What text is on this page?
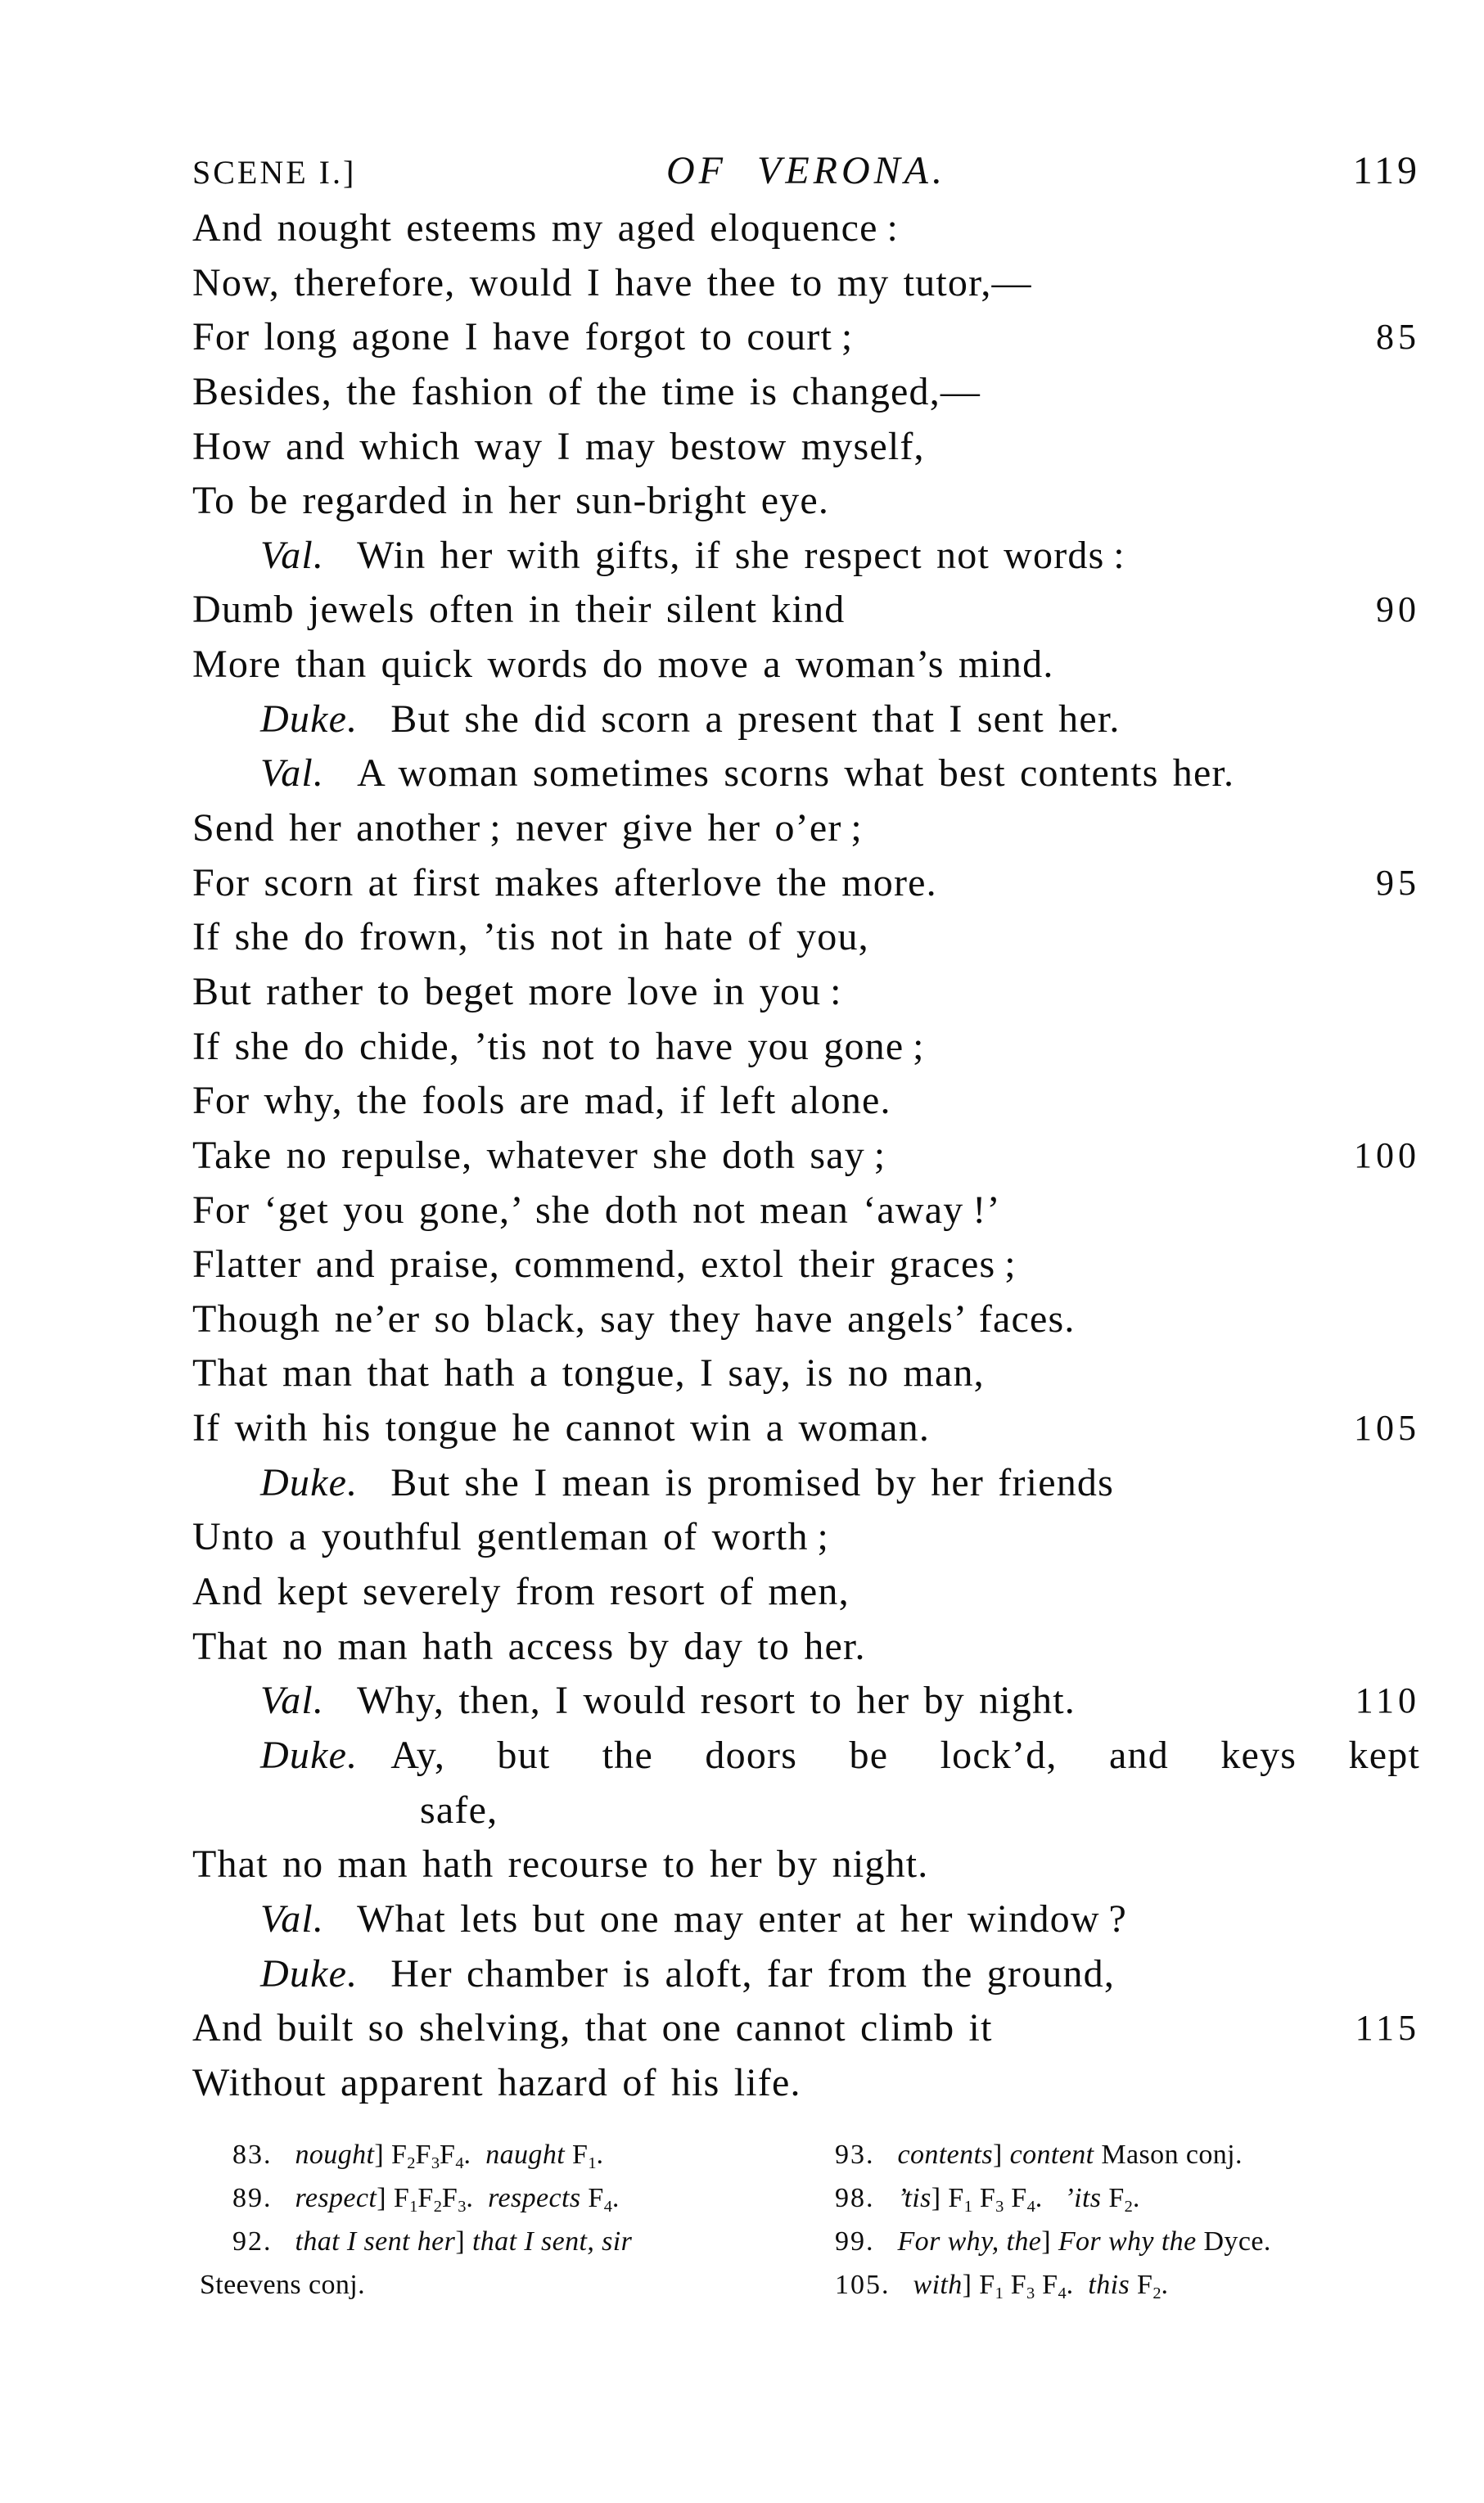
SCENE I.]	OF VERONA.	119
And nought esteems my aged eloquence :
Now, therefore, would I have thee to my tutor,—
For long agone I have forgot to court ;	85
Besides, the fashion of the time is changed,—
How and which way I may bestow myself,
To be regarded in her sun-bright eye.
Val. Win her with gifts, if she respect not words :
Dumb jewels often in their silent kind	90
More than quick words do move a woman’s mind.
Duke. But she did scorn a present that I sent her.
Val. A woman sometimes scorns what best contents her.
Send her another ; never give her o’er ;
For scorn at first makes afterlove the more.	95
If she do frown, ’tis not in hate of you,
But rather to beget more love in you :
If she do chide, ’tis not to have you gone ;
For why, the fools are mad, if left alone.
Take no repulse, whatever she doth say ;	100
For ‘get you gone,’ she doth not mean ‘away !’
Flatter and praise, commend, extol their graces ;
Though ne’er so black, say they have angels’ faces.
That man that hath a tongue, I say, is no man,
If with his tongue he cannot win a woman.	105
Duke. But she I mean is promised by her friends
Unto a youthful gentleman of worth ;
And kept severely from resort of men,
That no man hath access by day to her.
Val. Why, then, I would resort to her by night.	110
Duke. Ay, but the doors be lock’d, and keys kept
safe,
That no man hath recourse to her by night.
Val. What lets but one may enter at her window ?
Duke. Her chamber is aloft, far from the ground,
And built so shelving, that one cannot climb it	115
Without apparent hazard of his life.
83. nought] F2F3F4.  naught F1.
89. respect] F1F2F3.  respects F4.
92. that I sent her] that I sent, sir
Steevens conj.
93. contents] content Mason conj.
98. ’tis] F1 F3 F4.   ’its F2.
99. For why, the] For why the Dyce.
105. with] F1 F3 F4.  this F2.
